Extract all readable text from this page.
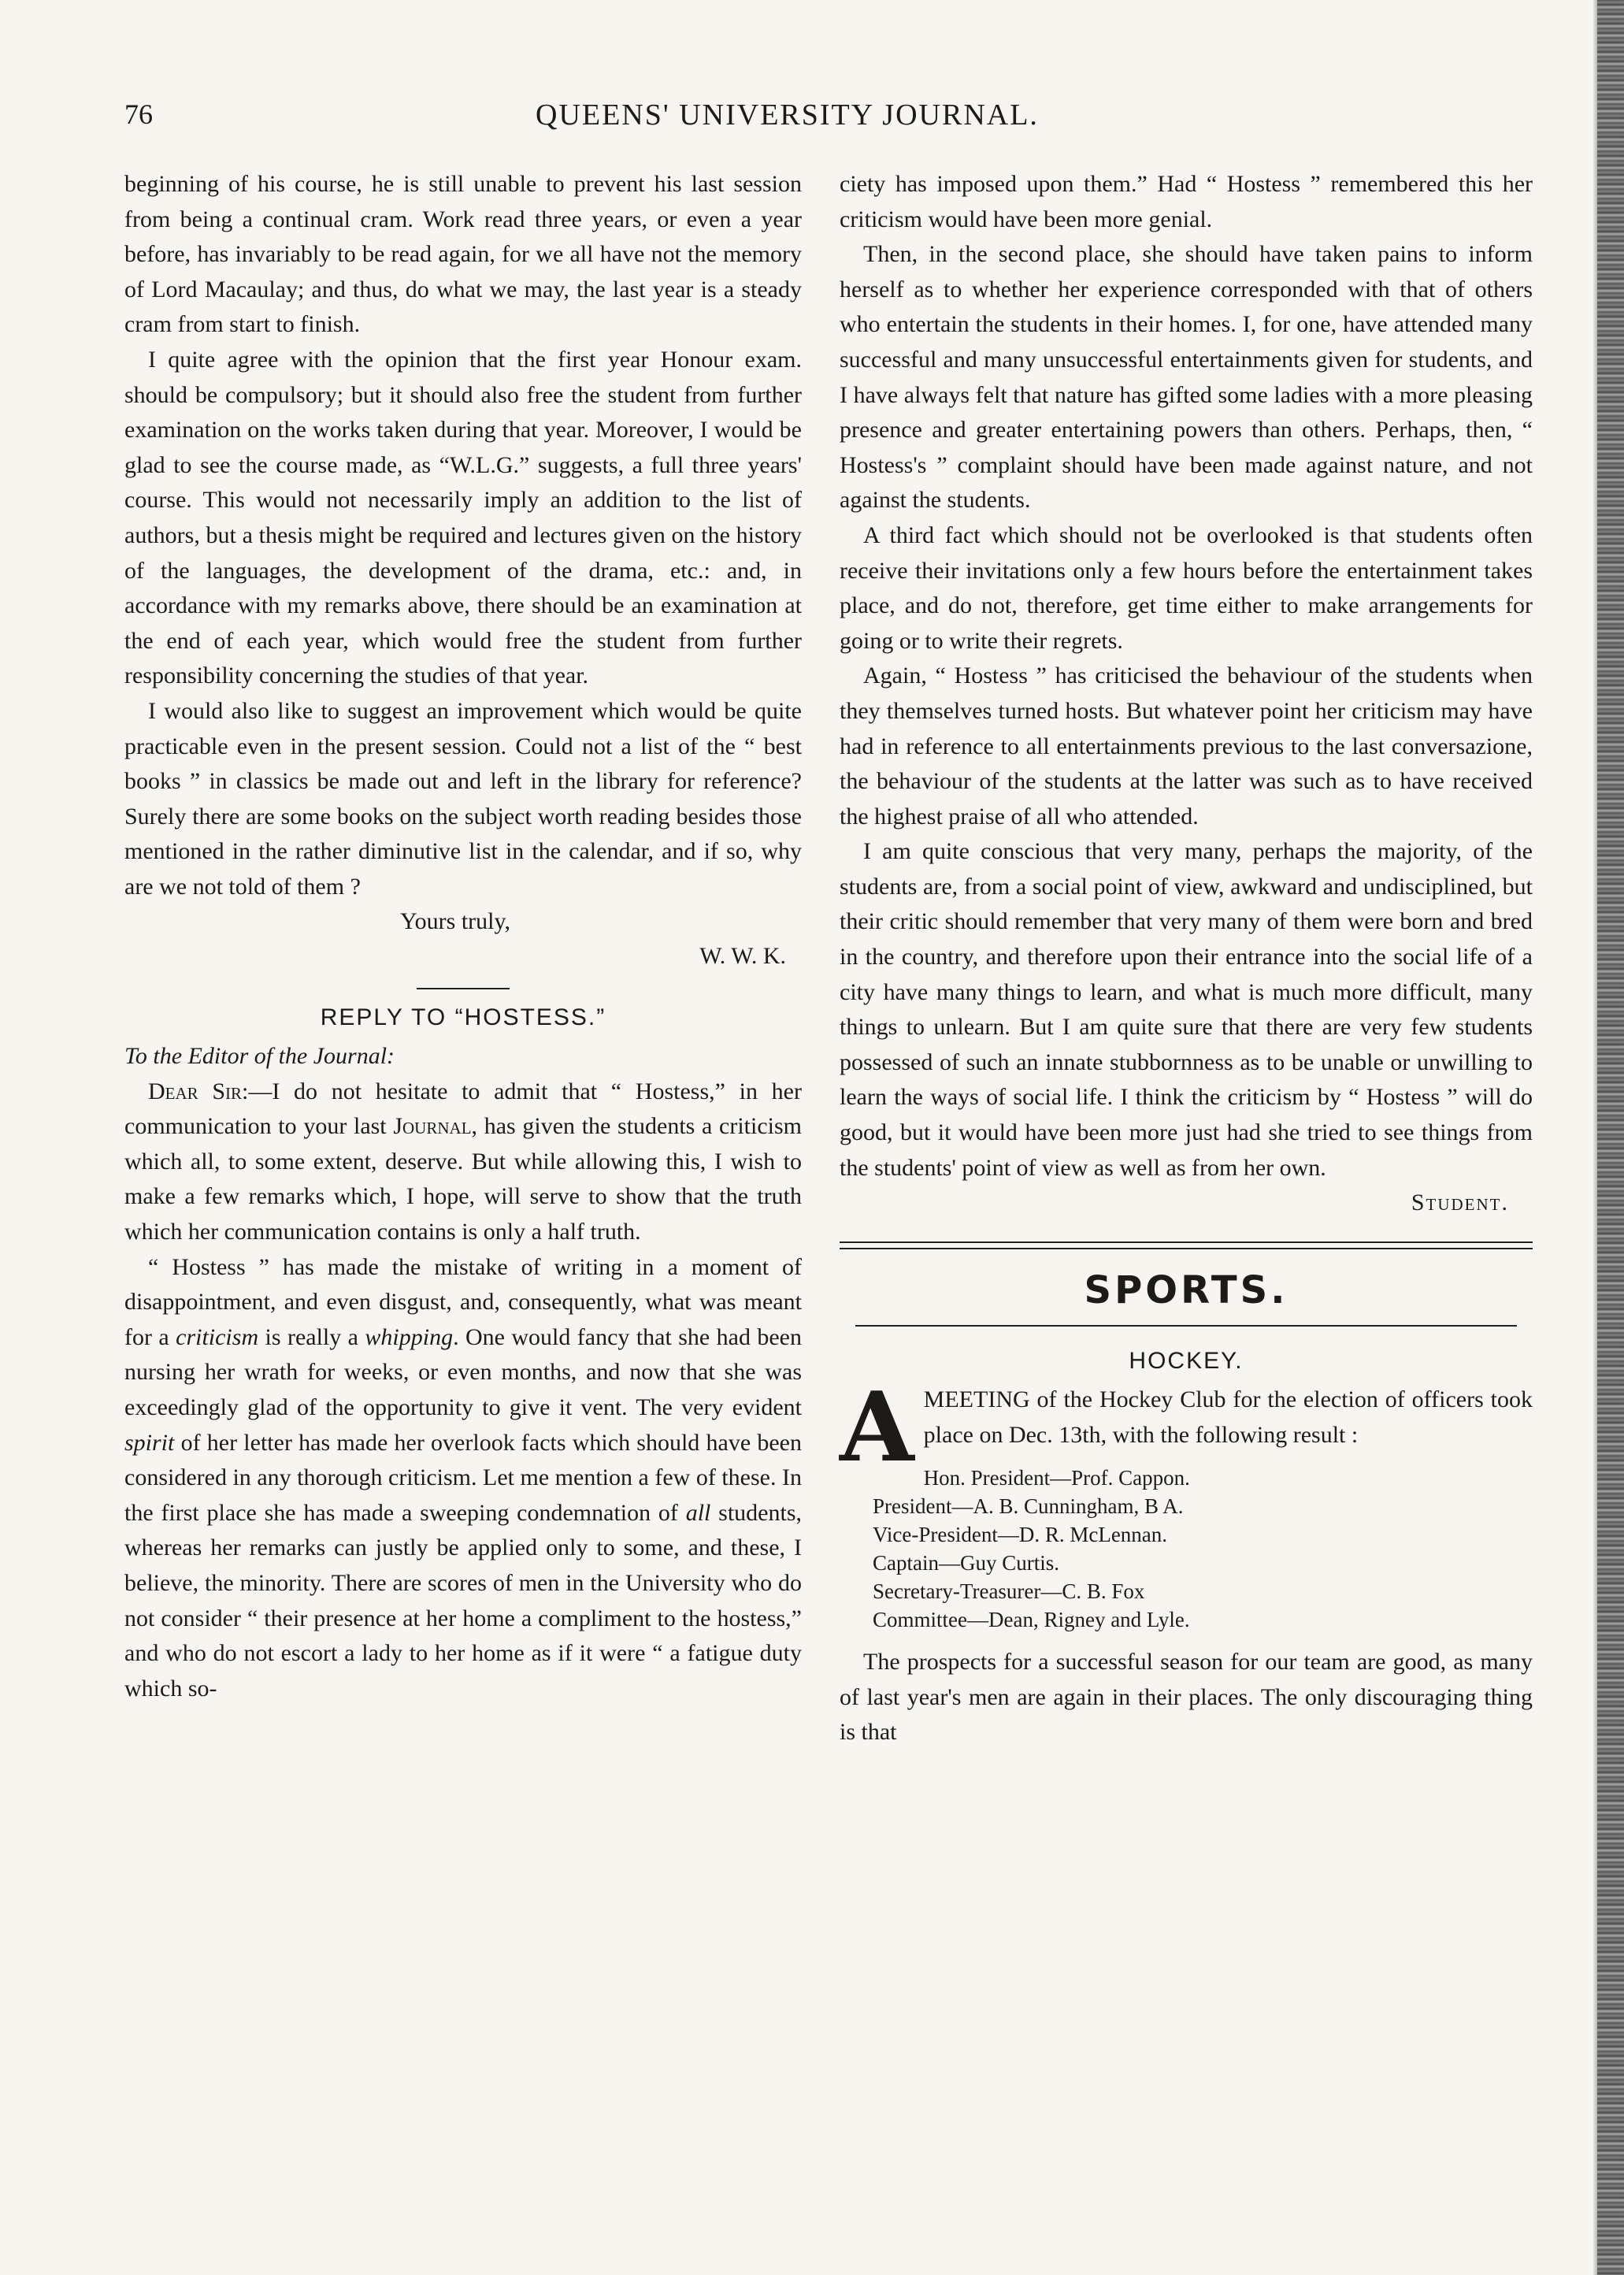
76	QUEENS' UNIVERSITY JOURNAL.

beginning of his course, he is still unable to prevent his last session from being a continual cram. Work read three years, or even a year before, has invariably to be read again, for we all have not the memory of Lord Macaulay; and thus, do what we may, the last year is a steady cram from start to finish.

I quite agree with the opinion that the first year Honour exam. should be compulsory; but it should also free the student from further examination on the works taken during that year. Moreover, I would be glad to see the course made, as “W.L.G.” suggests, a full three years' course. This would not necessarily imply an addition to the list of authors, but a thesis might be required and lectures given on the history of the languages, the development of the drama, etc.: and, in accordance with my remarks above, there should be an examination at the end of each year, which would free the student from further responsibility concerning the studies of that year.

I would also like to suggest an improvement which would be quite practicable even in the present session. Could not a list of the “ best books ” in classics be made out and left in the library for reference? Surely there are some books on the subject worth reading besides those mentioned in the rather diminutive list in the calendar, and if so, why are we not told of them ?

Yours truly,
W. W. K.
REPLY TO “HOSTESS.”

To the Editor of the Journal:

Dear Sir:—I do not hesitate to admit that “ Hostess,” in her communication to your last Journal, has given the students a criticism which all, to some extent, deserve. But while allowing this, I wish to make a few remarks which, I hope, will serve to show that the truth which her communication contains is only a half truth.

“ Hostess ” has made the mistake of writing in a moment of disappointment, and even disgust, and, consequently, what was meant for a criticism is really a whipping. One would fancy that she had been nursing her wrath for weeks, or even months, and now that she was exceedingly glad of the opportunity to give it vent. The very evident spirit of her letter has made her overlook facts which should have been considered in any thorough criticism. Let me mention a few of these. In the first place she has made a sweeping condemnation of all students, whereas her remarks can justly be applied only to some, and these, I believe, the minority. There are scores of men in the University who do not consider “ their presence at her home a compliment to the hostess,” and who do not escort a lady to her home as if it were “ a fatigue duty which so-

ciety has imposed upon them.” Had “ Hostess ” remembered this her criticism would have been more genial.

Then, in the second place, she should have taken pains to inform herself as to whether her experience corresponded with that of others who entertain the students in their homes. I, for one, have attended many successful and many unsuccessful entertainments given for students, and I have always felt that nature has gifted some ladies with a more pleasing presence and greater entertaining powers than others. Perhaps, then, “ Hostess's ” complaint should have been made against nature, and not against the students.

A third fact which should not be overlooked is that students often receive their invitations only a few hours before the entertainment takes place, and do not, therefore, get time either to make arrangements for going or to write their regrets.

Again, “ Hostess ” has criticised the behaviour of the students when they themselves turned hosts. But whatever point her criticism may have had in reference to all entertainments previous to the last conversazione, the behaviour of the students at the latter was such as to have received the highest praise of all who attended.

I am quite conscious that very many, perhaps the majority, of the students are, from a social point of view, awkward and undisciplined, but their critic should remember that very many of them were born and bred in the country, and therefore upon their entrance into the social life of a city have many things to learn, and what is much more difficult, many things to unlearn. But I am quite sure that there are very few students possessed of such an innate stubbornness as to be unable or unwilling to learn the ways of social life. I think the criticism by “ Hostess ” will do good, but it would have been more just had she tried to see things from the students' point of view as well as from her own.

Student.

SPORTS.
HOCKEY.

AMEETING of the Hockey Club for the election of officers took place on Dec. 13th, with the following result :

Hon. President—Prof. Cappon.
President—A. B. Cunningham, B A.
Vice-President—D. R. McLennan.
Captain—Guy Curtis.
Secretary-Treasurer—C. B. Fox
Committee—Dean, Rigney and Lyle.

The prospects for a successful season for our team are good, as many of last year's men are again in their places. The only discouraging thing is that
